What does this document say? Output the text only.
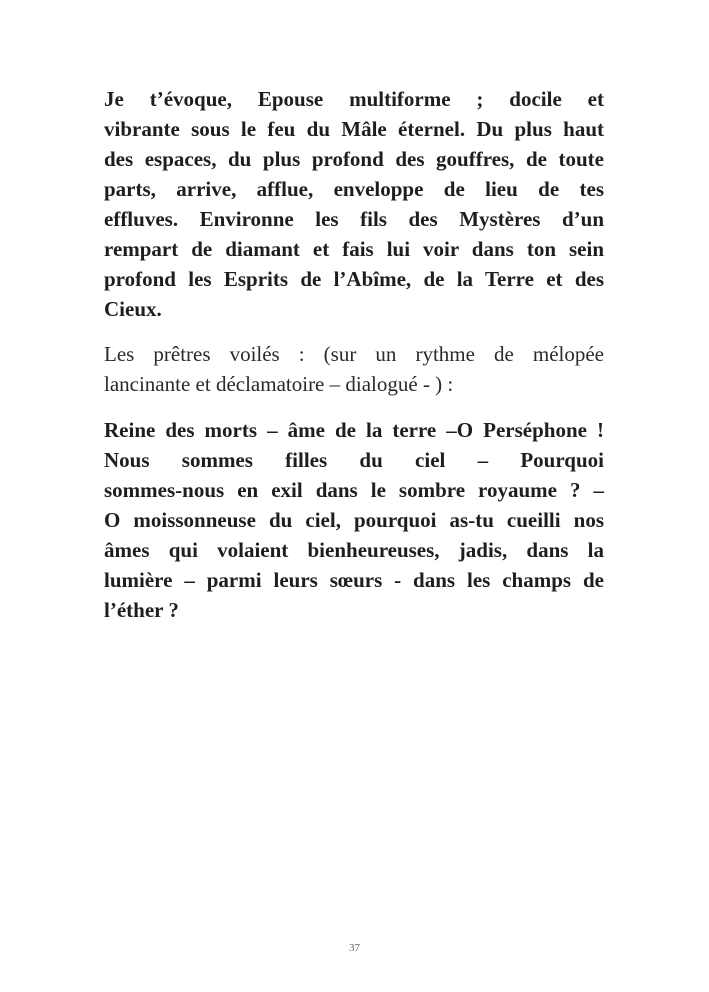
Je t’évoque, Epouse multiforme ; docile et
vibrante sous le feu du Mâle éternel. Du plus haut
des espaces, du plus profond des gouffres, de toute
parts, arrive, afflue, enveloppe de lieu de tes
effluves. Environne les fils des Mystères d’un
rempart de diamant et fais lui voir dans ton sein
profond les Esprits de l’Abîme, de la Terre et des
Cieux.
Les prêtres voilés : (sur un rythme de mélopée
lancinante et déclamatoire – dialogué - ) :
Reine des morts – âme de la terre –O Perséphone !
Nous sommes filles du ciel – Pourquoi
sommes-nous en exil dans le sombre royaume ? –
O moissonneuse du ciel, pourquoi as-tu cueilli nos
âmes qui volaient bienheureuses, jadis, dans la
lumière – parmi leurs sœurs - dans les champs de
l’éther ?
37
